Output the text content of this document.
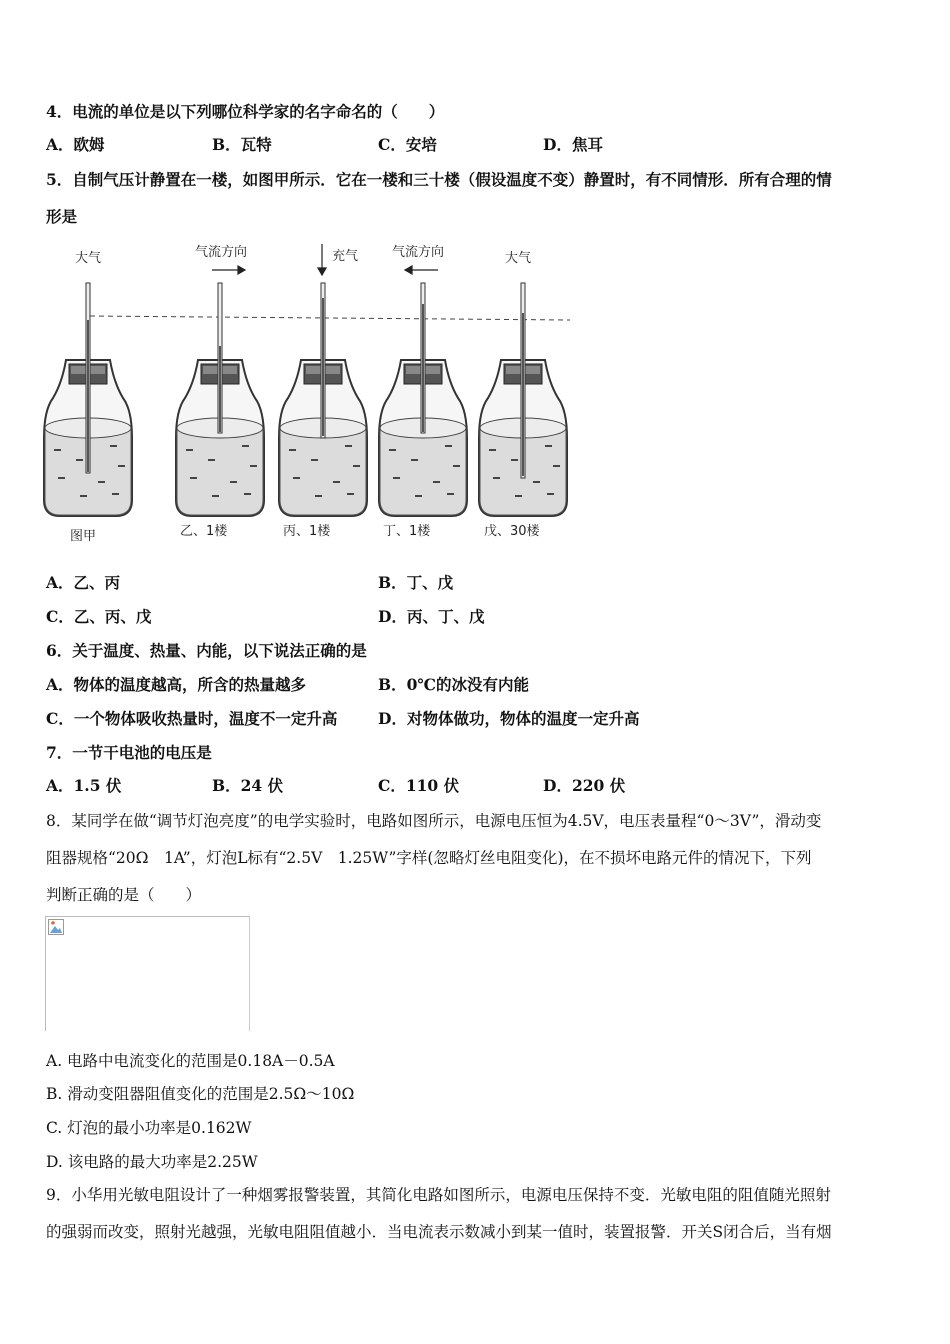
4．电流的单位是以下列哪位科学家的名字命名的（　　）
A．欧姆	B．瓦特	C．安培	D．焦耳
5．自制气压计静置在一楼，如图甲所示．它在一楼和三十楼（假设温度不变）静置时，有不同情形．所有合理的情
形是
大气	气流方向	充气	气流方向	大气
图甲	乙、1楼	丙、1楼	丁、1楼	戊、30楼
A．乙、丙	B．丁、戊
C．乙、丙、戊	D．丙、丁、戊
6．关于温度、热量、内能，以下说法正确的是
A．物体的温度越高，所含的热量越多	B．0℃的冰没有内能
C．一个物体吸收热量时，温度不一定升高	D．对物体做功，物体的温度一定升高
7．一节干电池的电压是
A．1.5 伏	B．24 伏	C．110 伏	D．220 伏
8．某同学在做“调节灯泡亮度”的电学实验时，电路如图所示，电源电压恒为4.5V，电压表量程“0～3V”，滑动变
阻器规格“20Ω　1A”，灯泡L标有“2.5V　1.25W”字样(忽略灯丝电阻变化)，在不损坏电路元件的情况下，下列
判断正确的是（　　）
A. 电路中电流变化的范围是0.18A－0.5A
B. 滑动变阻器阻值变化的范围是2.5Ω～10Ω
C. 灯泡的最小功率是0.162W
D. 该电路的最大功率是2.25W
9．小华用光敏电阻设计了一种烟雾报警装置，其简化电路如图所示，电源电压保持不变．光敏电阻的阻值随光照射
的强弱而改变，照射光越强，光敏电阻阻值越小．当电流表示数减小到某一值时，装置报警．开关S闭合后，当有烟
